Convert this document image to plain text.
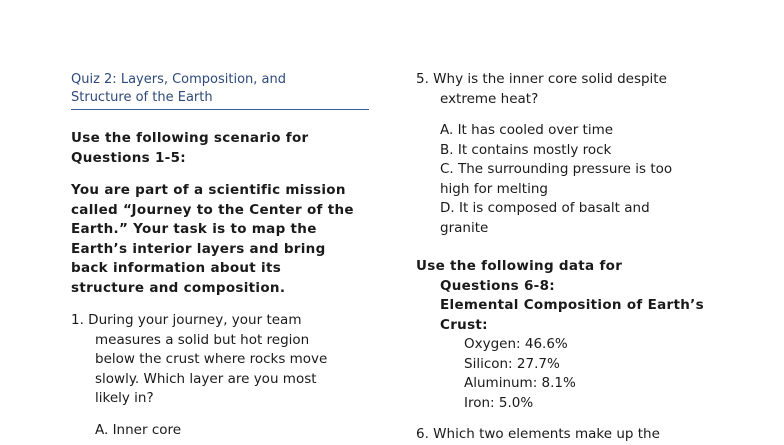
Quiz 2: Layers, Composition, and
Structure of the Earth
Use the following scenario for
Questions 1-5:
You are part of a scientific mission
called “Journey to the Center of the
Earth.” Your task is to map the
Earth’s interior layers and bring
back information about its
structure and composition.
1. During your journey, your team
measures a solid but hot region
below the crust where rocks move
slowly. Which layer are you most
likely in?
A. Inner core
5. Why is the inner core solid despite
extreme heat?
A. It has cooled over time
B. It contains mostly rock
C. The surrounding pressure is too
high for melting
D. It is composed of basalt and
granite
Use the following data for
Questions 6-8:
Elemental Composition of Earth’s
Crust:
Oxygen: 46.6%
Silicon: 27.7%
Aluminum: 8.1%
Iron: 5.0%
6. Which two elements make up the
